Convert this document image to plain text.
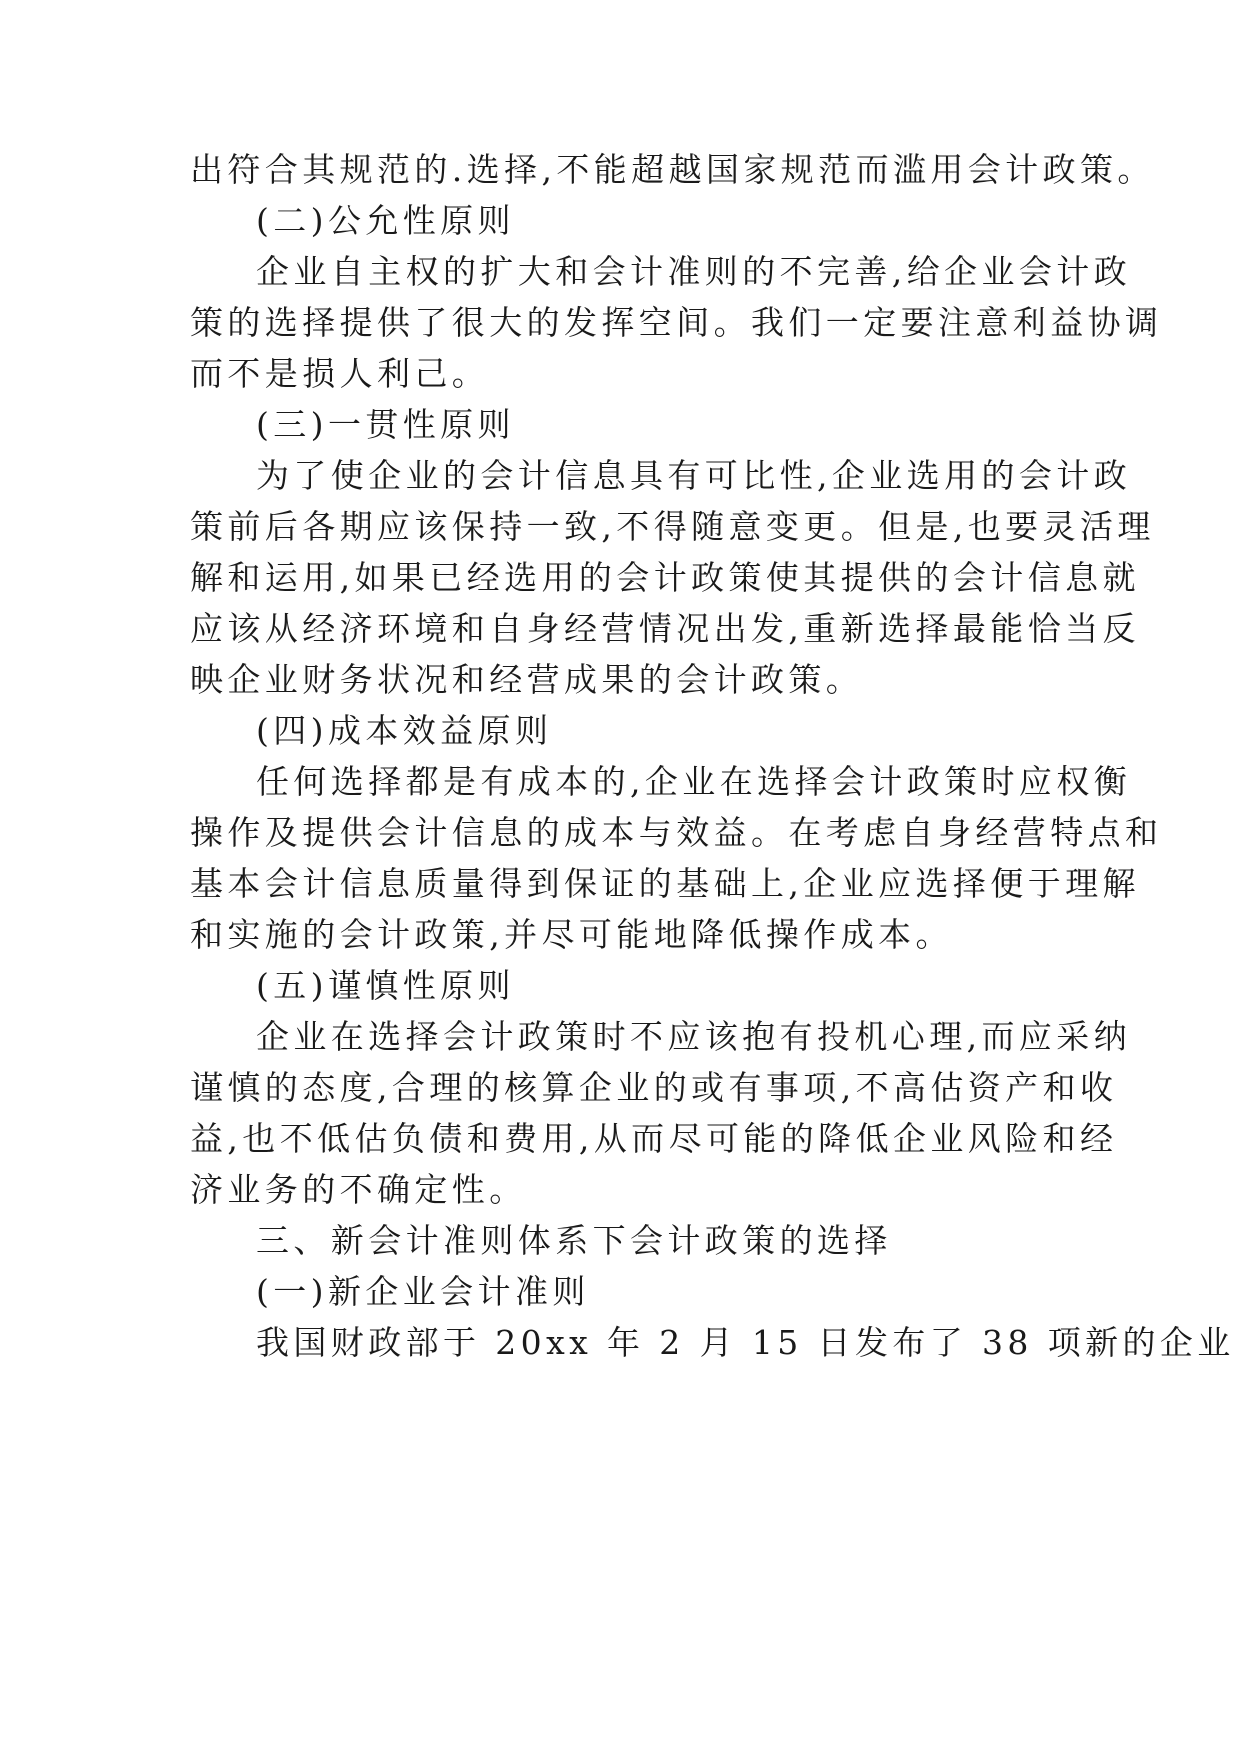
出符合其规范的.选择,不能超越国家规范而滥用会计政策。
(二)公允性原则
企业自主权的扩大和会计准则的不完善,给企业会计政
策的选择提供了很大的发挥空间。我们一定要注意利益协调
而不是损人利己。
(三)一贯性原则
为了使企业的会计信息具有可比性,企业选用的会计政
策前后各期应该保持一致,不得随意变更。但是,也要灵活理
解和运用,如果已经选用的会计政策使其提供的会计信息就
应该从经济环境和自身经营情况出发,重新选择最能恰当反
映企业财务状况和经营成果的会计政策。
(四)成本效益原则
任何选择都是有成本的,企业在选择会计政策时应权衡
操作及提供会计信息的成本与效益。在考虑自身经营特点和
基本会计信息质量得到保证的基础上,企业应选择便于理解
和实施的会计政策,并尽可能地降低操作成本。
(五)谨慎性原则
企业在选择会计政策时不应该抱有投机心理,而应采纳
谨慎的态度,合理的核算企业的或有事项,不高估资产和收
益,也不低估负债和费用,从而尽可能的降低企业风险和经
济业务的不确定性。
三、新会计准则体系下会计政策的选择
(一)新企业会计准则
我国财政部于 20xx 年 2 月 15 日发布了 38 项新的企业
